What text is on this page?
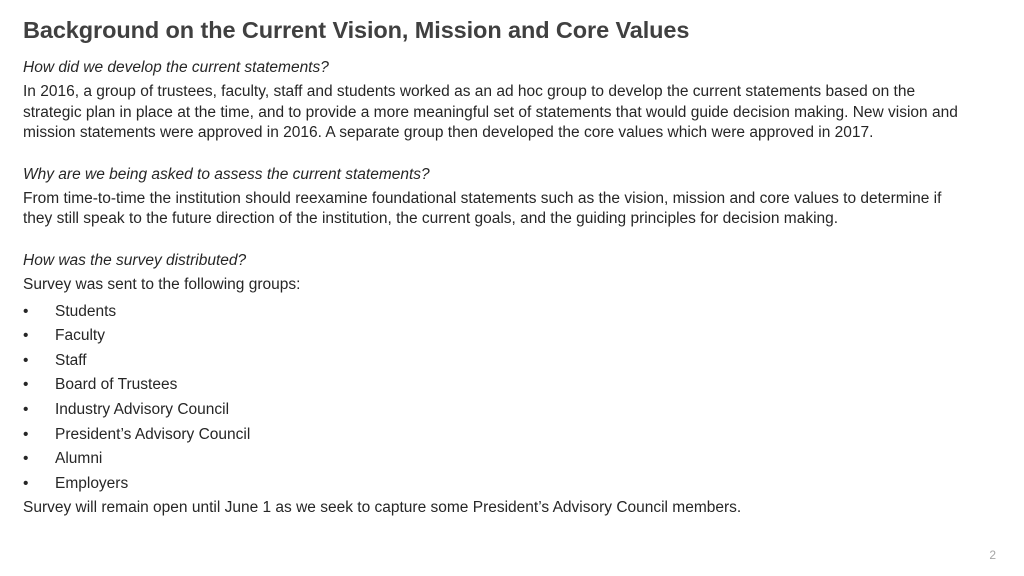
Background on the Current Vision, Mission and Core Values

How did we develop the current statements?

In 2016, a group of trustees, faculty, staff and students worked as an ad hoc group to develop the current statements based on the strategic plan in place at the time, and to provide a more meaningful set of statements that would guide decision making. New vision and mission statements were approved in 2016. A separate group then developed the core values which were approved in 2017.

Why are we being asked to assess the current statements?

From time-to-time the institution should reexamine foundational statements such as the vision, mission and core values to determine if they still speak to the future direction of the institution, the current goals, and the guiding principles for decision making.

How was the survey distributed?

Survey was sent to the following groups:

• Students
• Faculty
• Staff
• Board of Trustees
• Industry Advisory Council
• President’s Advisory Council
• Alumni
• Employers

Survey will remain open until June 1 as we seek to capture some President’s Advisory Council members.

2
